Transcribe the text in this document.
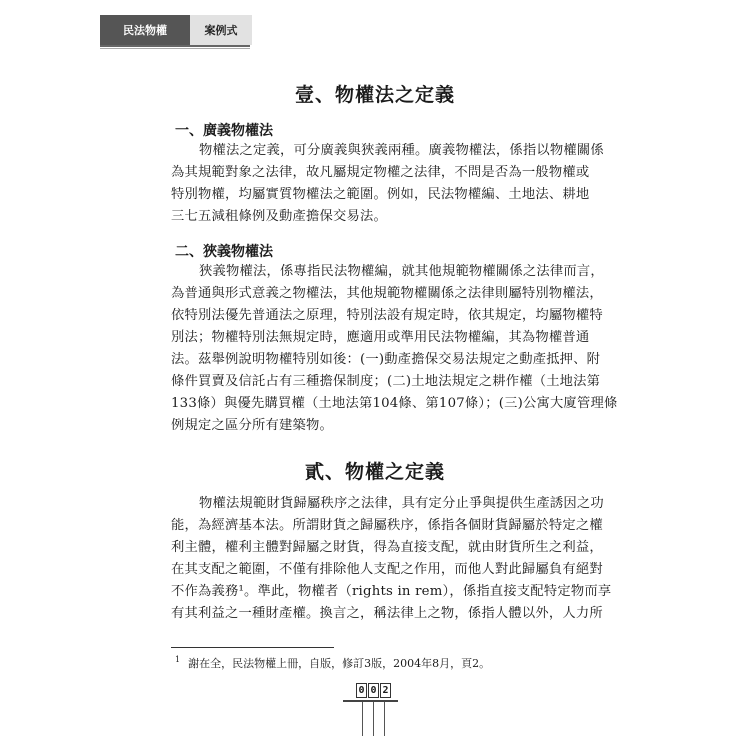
民法物權	案例式
壹、物權法之定義
一、廣義物權法

物權法之定義，可分廣義與狹義兩種。廣義物權法，係指以物權關係

為其規範對象之法律，故凡屬規定物權之法律，不問是否為一般物權或

特別物權，均屬實質物權法之範圍。例如，民法物權編、土地法、耕地

三七五減租條例及動產擔保交易法。

二、狹義物權法

狹義物權法，係專指民法物權編，就其他規範物權關係之法律而言，

為普通與形式意義之物權法，其他規範物權關係之法律則屬特別物權法，

依特別法優先普通法之原理，特別法設有規定時，依其規定，均屬物權特

別法；物權特別法無規定時，應適用或準用民法物權編，其為物權普通

法。茲舉例說明物權特別如後：(一)動產擔保交易法規定之動產抵押、附

條件買賣及信託占有三種擔保制度；(二)土地法規定之耕作權（土地法第

133條）與優先購買權（土地法第104條、第107條）；(三)公寓大廈管理條

例規定之區分所有建築物。

貳、物權之定義

物權法規範財貨歸屬秩序之法律，具有定分止爭與提供生產誘因之功

能，為經濟基本法。所謂財貨之歸屬秩序，係指各個財貨歸屬於特定之權

利主體，權利主體對歸屬之財貨，得為直接支配，就由財貨所生之利益，

在其支配之範圍，不僅有排除他人支配之作用，而他人對此歸屬負有絕對

不作為義務¹。準此，物權者（rights in rem），係指直接支配特定物而享

有其利益之一種財產權。換言之，稱法律上之物，係指人體以外，人力所

$^1$ 謝在全，民法物權上冊，自版，修訂3版，2004年8月，頁2。
0 0 2
